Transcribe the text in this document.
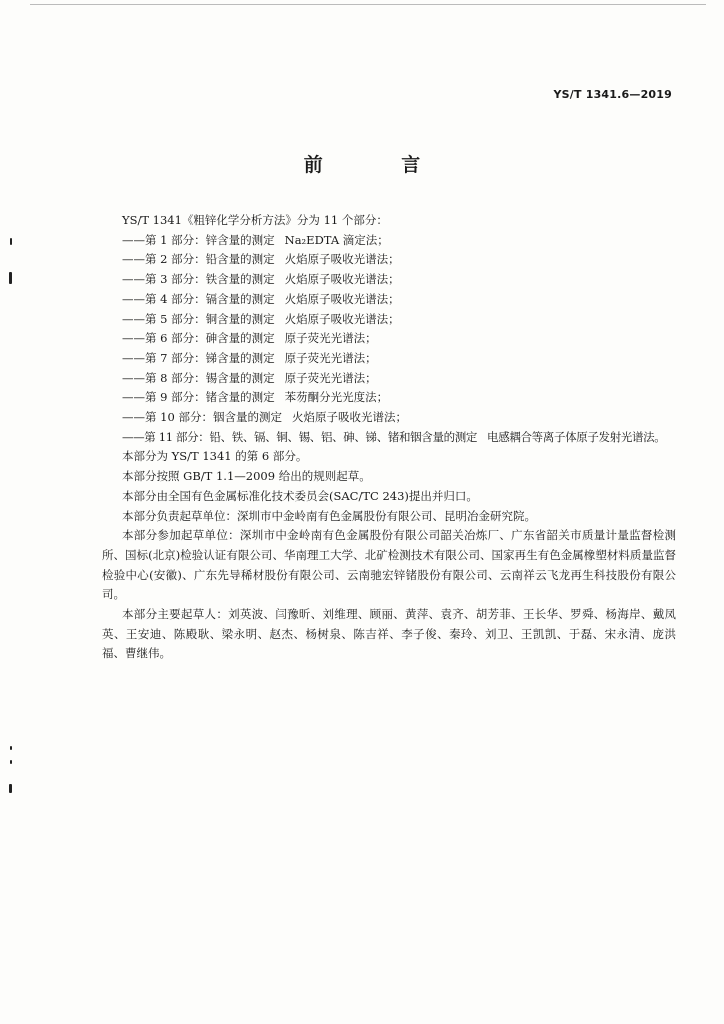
YS/T 1341.6—2019
前 言
YS/T 1341《粗锌化学分析方法》分为 11 个部分：
——第 1 部分：锌含量的测定 Na₂EDTA 滴定法；
——第 2 部分：铅含量的测定 火焰原子吸收光谱法；
——第 3 部分：铁含量的测定 火焰原子吸收光谱法；
——第 4 部分：镉含量的测定 火焰原子吸收光谱法；
——第 5 部分：铜含量的测定 火焰原子吸收光谱法；
——第 6 部分：砷含量的测定 原子荧光光谱法；
——第 7 部分：锑含量的测定 原子荧光光谱法；
——第 8 部分：锡含量的测定 原子荧光光谱法；
——第 9 部分：锗含量的测定 苯芴酮分光光度法；
——第 10 部分：铟含量的测定 火焰原子吸收光谱法；
——第 11 部分：铅、铁、镉、铜、锡、铝、砷、锑、锗和铟含量的测定 电感耦合等离子体原子发射光谱法。
本部分为 YS/T 1341 的第 6 部分。
本部分按照 GB/T 1.1—2009 给出的规则起草。
本部分由全国有色金属标准化技术委员会(SAC/TC 243)提出并归口。
本部分负责起草单位：深圳市中金岭南有色金属股份有限公司、昆明冶金研究院。
本部分参加起草单位：深圳市中金岭南有色金属股份有限公司韶关冶炼厂、广东省韶关市质量计量监督检测所、国标(北京)检验认证有限公司、华南理工大学、北矿检测技术有限公司、国家再生有色金属橡塑材料质量监督检验中心(安徽)、广东先导稀材股份有限公司、云南驰宏锌锗股份有限公司、云南祥云飞龙再生科技股份有限公司。
本部分主要起草人：刘英波、闫豫昕、刘维理、顾丽、黄萍、袁齐、胡芳菲、王长华、罗舜、杨海岸、戴凤英、王安迪、陈殿耿、梁永明、赵杰、杨树泉、陈吉祥、李子俊、秦玲、刘卫、王凯凯、于磊、宋永清、庞洪福、曹继伟。
